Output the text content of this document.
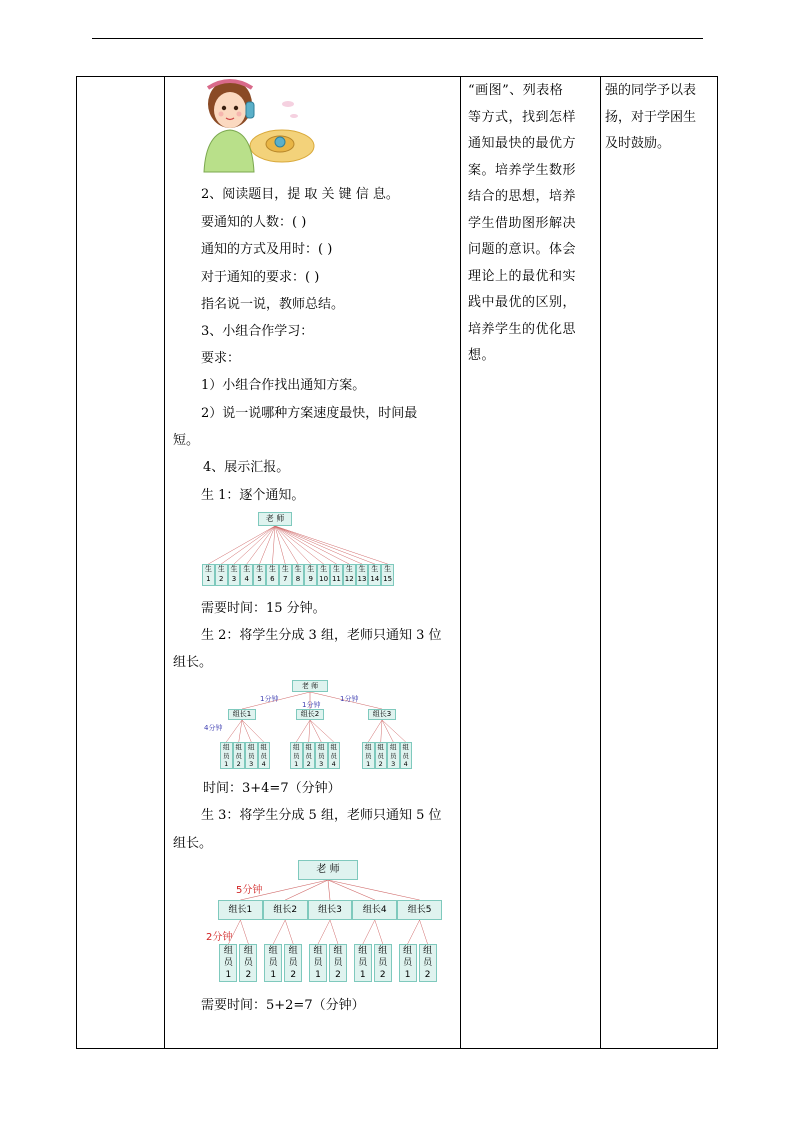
2、阅读题目，提 取 关 键 信 息。

要通知的人数：( )

通知的方式及用时：( )

对于通知的要求：( )

指名说一说，教师总结。

3、小组合作学习：

要求：

1）小组合作找出通知方案。

2）说一说哪种方案速度最快，时间最

短。

4、展示汇报。

生 1：逐个通知。

需要时间：15 分钟。

生 2：将学生分成 3 组，老师只通知 3 位

组长。

时间：3+4=7（分钟）

生 3：将学生分成 5 组，老师只通知 5 位

组长。

需要时间：5+2=7（分钟）

老 师
生
1
生
2
生
3
生
4
生
5
生
6
生
7
生
8
生
9
生
10
生
11
生
12
生
13
生
14
生
15
老 师
1分钟
1分钟
1分钟
组长1	组长2	组长3
4分钟
组
员
1
组
员
2
组
员
3
组
员
4
组
员
1
组
员
2
组
员
3
组
员
4
组
员
1
组
员
2
组
员
3
组
员
4
老 师
5分钟
2分钟
组长1
组
员
1
组
员
2
组长2
组
员
1
组
员
2
组长3
组
员
1
组
员
2
组长4
组
员
1
组
员
2
组长5
组
员
1
组
员
2
“画图”、列表格
等方式，找到怎样
通知最快的最优方
案。培养学生数形
结合的思想，培养
学生借助图形解决
问题的意识。体会
理论上的最优和实
践中最优的区别，
培养学生的优化思
想。
强的同学予以表
扬，对于学困生
及时鼓励。
